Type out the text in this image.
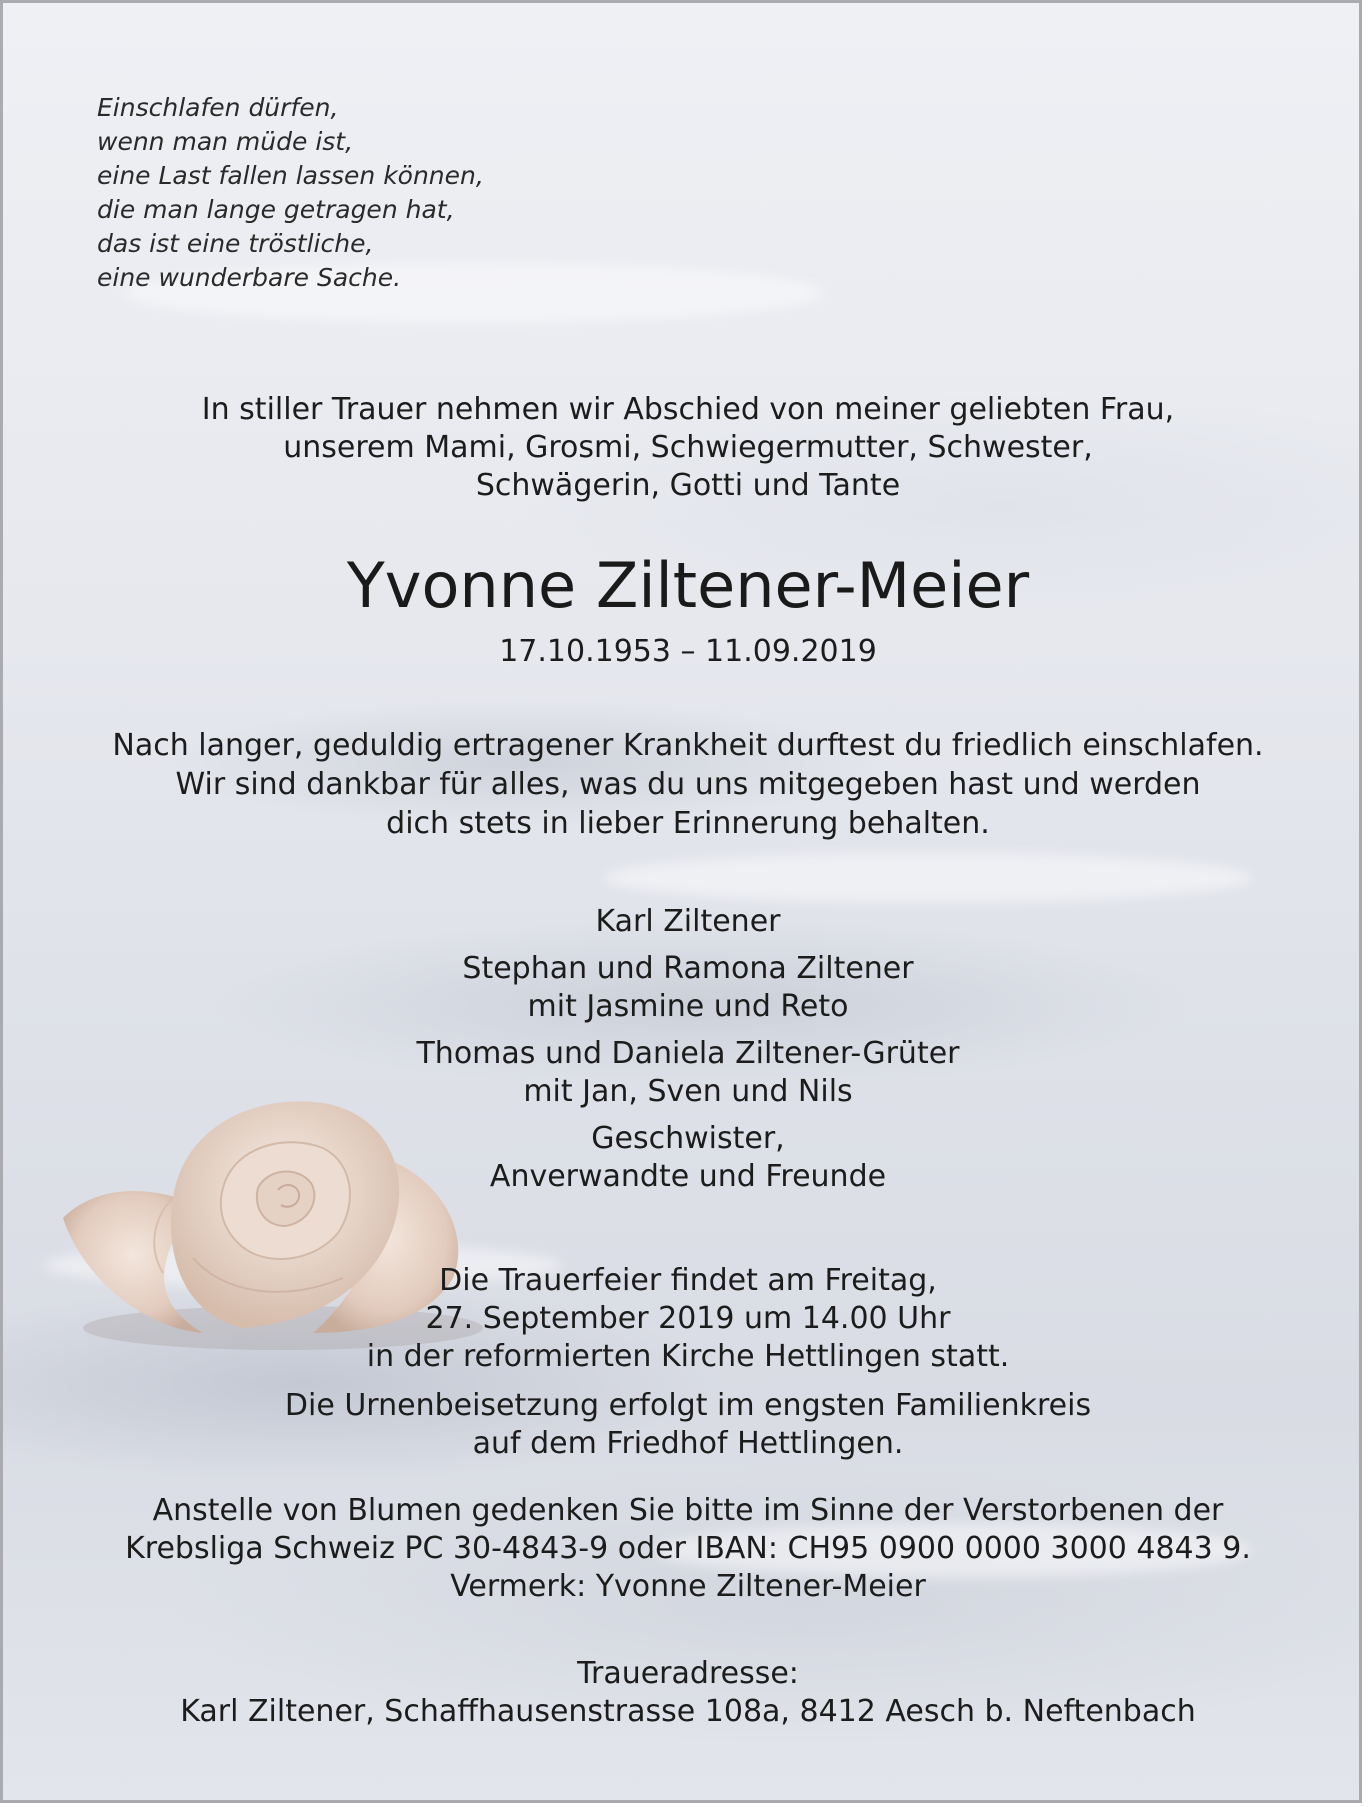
Einschlafen dürfen,
wenn man müde ist,
eine Last fallen lassen können,
die man lange getragen hat,
das ist eine tröstliche,
eine wunderbare Sache.
In stiller Trauer nehmen wir Abschied von meiner geliebten Frau,
unserem Mami, Grosmi, Schwiegermutter, Schwester,
Schwägerin, Gotti und Tante
Yvonne Ziltener-Meier
17.10.1953 – 11.09.2019
Nach langer, geduldig ertragener Krankheit durftest du friedlich einschlafen.
Wir sind dankbar für alles, was du uns mitgegeben hast und werden
dich stets in lieber Erinnerung behalten.
Karl Ziltener
Stephan und Ramona Ziltener
mit Jasmine und Reto
Thomas und Daniela Ziltener-Grüter
mit Jan, Sven und Nils
Geschwister,
Anverwandte und Freunde
Die Trauerfeier findet am Freitag,
27. September 2019 um 14.00 Uhr
in der reformierten Kirche Hettlingen statt.
Die Urnenbeisetzung erfolgt im engsten Familienkreis
auf dem Friedhof Hettlingen.
Anstelle von Blumen gedenken Sie bitte im Sinne der Verstorbenen der
Krebsliga Schweiz PC 30-4843-9 oder IBAN: CH95 0900 0000 3000 4843 9.
Vermerk: Yvonne Ziltener-Meier
Traueradresse:
Karl Ziltener, Schaffhausenstrasse 108a, 8412 Aesch b. Neftenbach
